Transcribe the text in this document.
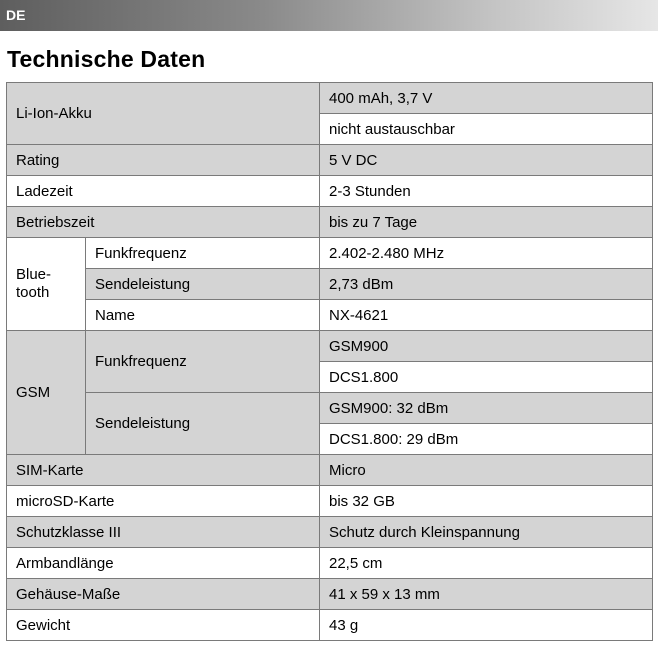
DE
Technische Daten
Li-Ion-Akku		400 mAh, 3,7 V
		nicht austauschbar
Rating		5 V DC
Ladezeit		2-3 Stunden
Betriebszeit		bis zu 7 Tage
Blue-
tooth	Funkfrequenz	2.402-2.480 MHz
	Sendeleistung	2,73 dBm
	Name	NX-4621
GSM	Funkfrequenz	GSM900
		DCS1.800
	Sendeleistung	GSM900: 32 dBm
		DCS1.800: 29 dBm
SIM-Karte		Micro
microSD-Karte		bis 32 GB
Schutzklasse III		Schutz durch Kleinspannung
Armbandlänge		22,5 cm
Gehäuse-Maße		41 x 59 x 13 mm
Gewicht		43 g
